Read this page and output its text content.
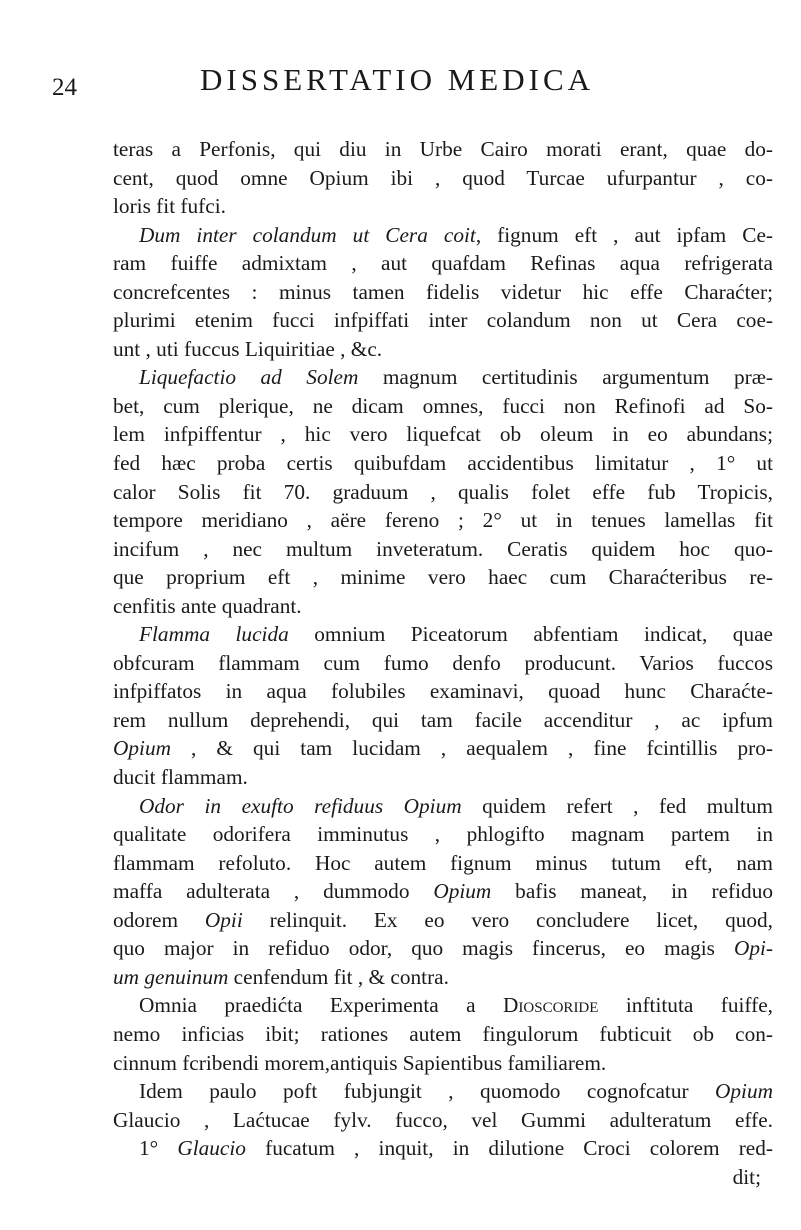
24	DISSERTATIO MEDICA
teras a Perfonis, qui diu in Urbe Cairo morati erant, quae do-
cent, quod omne Opium ibi , quod Turcae ufurpantur , co-
loris fit fufci.
Dum inter colandum ut Cera coit, fignum eft , aut ipfam Ce-
ram fuiffe admixtam , aut quafdam Refinas aqua refrigerata
concrefcentes : minus tamen fidelis videtur hic effe Charaćter;
plurimi etenim fucci infpiffati inter colandum non ut Cera coe-
unt , uti fuccus Liquiritiae , &c.
Liquefactio ad Solem magnum certitudinis argumentum præ-
bet, cum plerique, ne dicam omnes, fucci non Refinofi ad So-
lem infpiffentur , hic vero liquefcat ob oleum in eo abundans;
fed hæc proba certis quibufdam accidentibus limitatur , 1° ut
calor Solis fit 70. graduum , qualis folet effe fub Tropicis,
tempore meridiano , aëre fereno ; 2° ut in tenues lamellas fit
incifum , nec multum inveteratum. Ceratis quidem hoc quo-
que proprium eft , minime vero haec cum Charaćteribus re-
cenfitis ante quadrant.
Flamma lucida omnium Piceatorum abfentiam indicat, quae
obfcuram flammam cum fumo denfo producunt. Varios fuccos
infpiffatos in aqua folubiles examinavi, quoad hunc Charaćte-
rem nullum deprehendi, qui tam facile accenditur , ac ipfum
Opium , & qui tam lucidam , aequalem , fine fcintillis pro-
ducit flammam.
Odor in exufto refiduus Opium quidem refert , fed multum
qualitate odorifera imminutus , phlogifto magnam partem in
flammam refoluto. Hoc autem fignum minus tutum eft, nam
maffa adulterata , dummodo Opium bafis maneat, in refiduo
odorem Opii relinquit. Ex eo vero concludere licet, quod,
quo major in refiduo odor, quo magis fincerus, eo magis Opi-
um genuinum cenfendum fit , & contra.
Omnia praedićta Experimenta a Dioscoride inftituta fuiffe,
nemo inficias ibit; rationes autem fingulorum fubticuit ob con-
cinnum fcribendi morem,antiquis Sapientibus familiarem.
Idem paulo poft fubjungit , quomodo cognofcatur Opium
Glaucio , Laćtucae fylv. fucco, vel Gummi adulteratum effe.
1° Glaucio fucatum , inquit, in dilutione Croci colorem red-
dit;
